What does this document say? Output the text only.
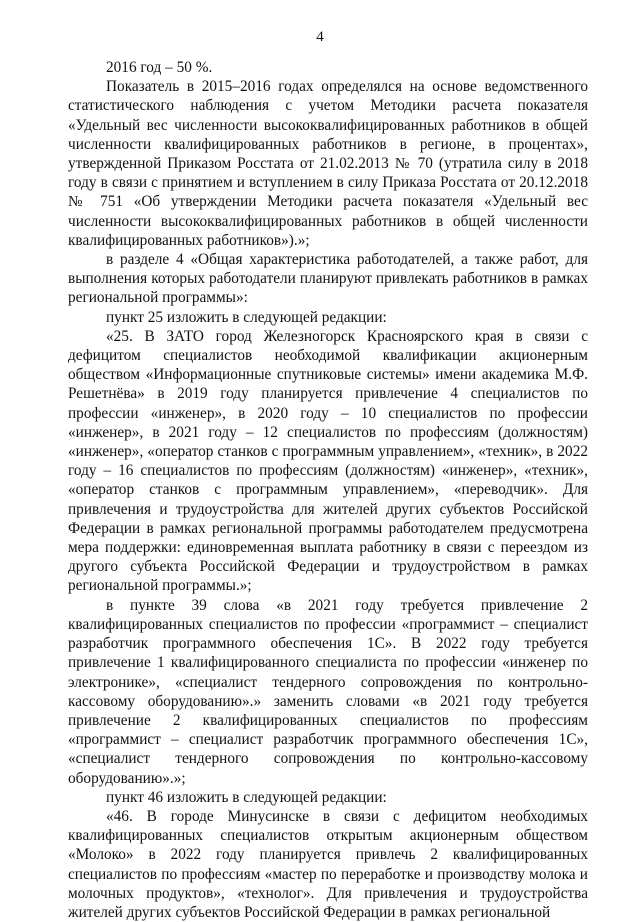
4

2016 год – 50 %.

Показатель в 2015–2016 годах определялся на основе ведомственного статистического наблюдения с учетом Методики расчета показателя «Удельный вес численности высококвалифицированных работников в общей численности квалифицированных работников в регионе, в процентах», утвержденной Приказом Росстата от 21.02.2013 № 70 (утратила силу в 2018 году в связи с принятием и вступлением в силу Приказа Росстата от 20.12.2018 № 751 «Об утверждении Методики расчета показателя «Удельный вес численности высококвалифицированных работников в общей численности квалифицированных работников»).»;

в разделе 4 «Общая характеристика работодателей, а также работ, для выполнения которых работодатели планируют привлекать работников в рамках региональной программы»:

пункт 25 изложить в следующей редакции:

«25. В ЗАТО город Железногорск Красноярского края в связи с дефицитом специалистов необходимой квалификации акционерным обществом «Информационные спутниковые системы» имени академика М.Ф. Решетнёва» в 2019 году планируется привлечение 4 специалистов по профессии «инженер», в 2020 году – 10 специалистов по профессии «инженер», в 2021 году – 12 специалистов по профессиям (должностям) «инженер», «оператор станков с программным управлением», «техник», в 2022 году – 16 специалистов по профессиям (должностям) «инженер», «техник», «оператор станков с программным управлением», «переводчик». Для привлечения и трудоустройства для жителей других субъектов Российской Федерации в рамках региональной программы работодателем предусмотрена мера поддержки: единовременная выплата работнику в связи с переездом из другого субъекта Российской Федерации и трудоустройством в рамках региональной программы.»;

в пункте 39 слова «в 2021 году требуется привлечение 2 квалифицированных специалистов по профессии «программист – специалист разработчик программного обеспечения 1С». В 2022 году требуется привлечение 1 квалифицированного специалиста по профессии «инженер по электронике», «специалист тендерного сопровождения по контрольно-кассовому оборудованию».» заменить словами «в 2021 году требуется привлечение 2 квалифицированных специалистов по профессиям «программист – специалист разработчик программного обеспечения 1С», «специалист тендерного сопровождения по контрольно-кассовому оборудованию».»;

пункт 46 изложить в следующей редакции:

«46. В городе Минусинске в связи с дефицитом необходимых квалифицированных специалистов открытым акционерным обществом «Молоко» в 2022 году планируется привлечь 2 квалифицированных специалистов по профессиям «мастер по переработке и производству молока и молочных продуктов», «технолог». Для привлечения и трудоустройства жителей других субъектов Российской Федерации в рамках региональной
